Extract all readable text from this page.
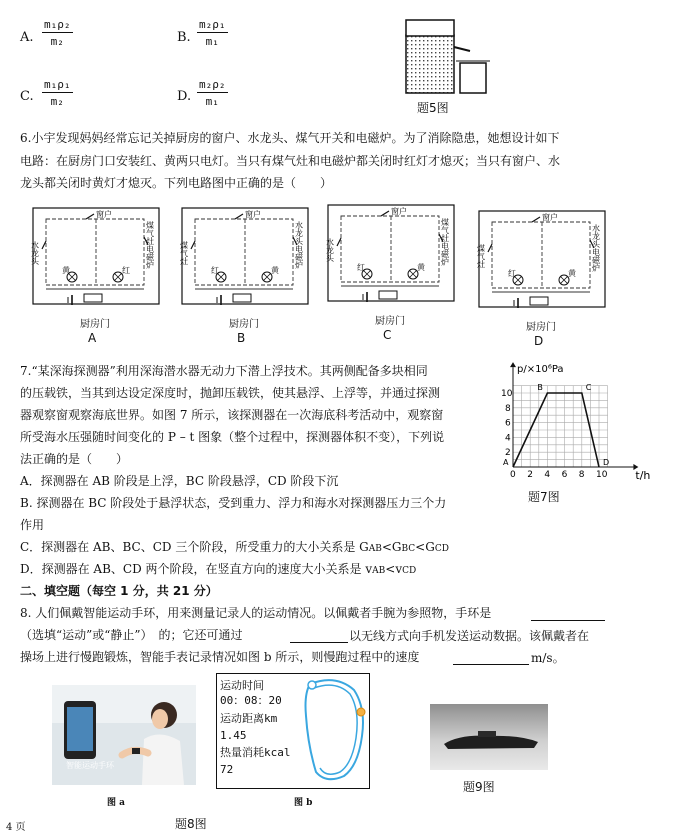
A. $\frac{\text{m₁ρ₂}}{\text{m₂}}$	B. $\frac{\text{m₂ρ₁}}{\text{m₁}}$
C. $\frac{\text{m₁ρ₁}}{\text{m₂}}$	D. $\frac{\text{m₂ρ₂}}{\text{m₁}}$	题5图
6.小宇发现妈妈经常忘记关掉厨房的窗户、水龙头、煤气开关和电磁炉。为了消除隐患，她想设计如下
电路：在厨房门口安装红、黄两只电灯。当只有煤气灶和电磁炉都关闭时红灯才熄灭；当只有窗户、水
龙头都关闭时黄灯才熄灭。下列电路图中正确的是（　　）
窗户
水龙头	煤气灶电磁炉
黄	红
厨房门
A
窗户
煤气灶	水龙头电磁炉
红	黄
厨房门
B
窗户
水龙头	煤气灶电磁炉
红	黄
厨房门
C
窗户
煤气灶	水龙头电磁炉
红	黄
厨房门
D
7.“某深海探测器”利用深海潜水器无动力下潜上浮技术。其两侧配备多块相同
的压载铁，当其到达设定深度时，抛卸压载铁，使其悬浮、上浮等，并通过探测
器观察窗观察海底世界。如图 7 所示，该探测器在一次海底科考活动中，观察窗
所受海水压强随时间变化的 P – t 图象（整个过程中，探测器体积不变），下列说
法正确的是（　　）
A．探测器在 AB 阶段是上浮，BC 阶段悬浮，CD 阶段下沉
B. 探测器在 BC 阶段处于悬浮状态，受到重力、浮力和海水对探测器压力三个力
作用
C．探测器在 AB、BC、CD 三个阶段，所受重力的大小关系是 GAB<GBC<GCD
D．探测器在 AB、CD 两个阶段，在竖直方向的速度大小关系是 vAB<vCD
A
B	C
D
0 2 4 6 8 10
2
4
6
8
10
p/×10⁶Pa
t/h
题7图
二、填空题（每空 1 分，共 21 分）
8. 人们佩戴智能运动手环，用来测量记录人的运动情况。以佩戴者手腕为参照物，手环是
（选填“运动”或“静止”）　的；它还可通过	以无线方式向手机发送运动数据。该佩戴者在
操场上进行慢跑锻炼，智能手表记录情况如图 b 所示，则慢跑过程中的速度	m/s。
智能运动手环
图 a
运动时间
00：08：20
运动距离km
1.45
热量消耗kcal
72
图 b
题8图
题9图
4 页
